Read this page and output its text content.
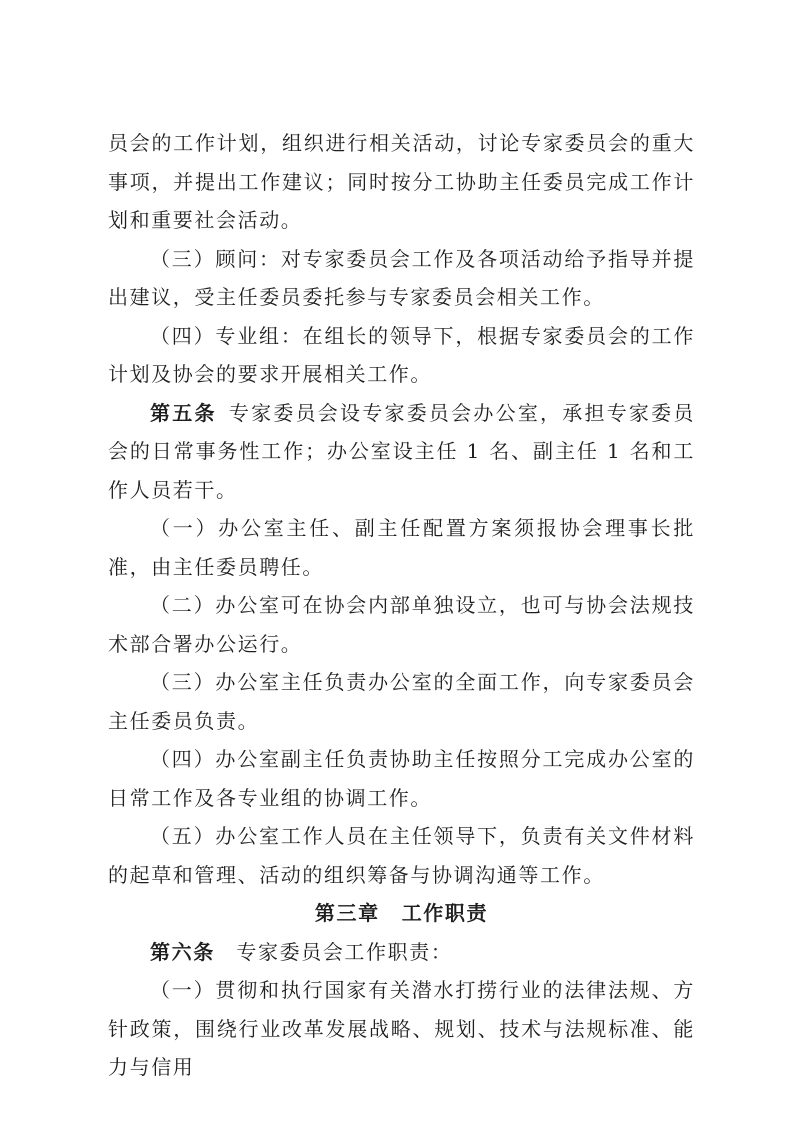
员会的工作计划，组织进行相关活动，讨论专家委员会的重大事项，并提出工作建议；同时按分工协助主任委员完成工作计划和重要社会活动。

（三）顾问：对专家委员会工作及各项活动给予指导并提出建议，受主任委员委托参与专家委员会相关工作。

（四）专业组：在组长的领导下，根据专家委员会的工作计划及协会的要求开展相关工作。

第五条  专家委员会设专家委员会办公室，承担专家委员会的日常事务性工作；办公室设主任 1 名、副主任 1 名和工作人员若干。

（一）办公室主任、副主任配置方案须报协会理事长批准，由主任委员聘任。

（二）办公室可在协会内部单独设立，也可与协会法规技术部合署办公运行。

（三）办公室主任负责办公室的全面工作，向专家委员会主任委员负责。

（四）办公室副主任负责协助主任按照分工完成办公室的日常工作及各专业组的协调工作。

（五）办公室工作人员在主任领导下，负责有关文件材料的起草和管理、活动的组织筹备与协调沟通等工作。

第三章 工作职责

第六条  专家委员会工作职责：

（一）贯彻和执行国家有关潜水打捞行业的法律法规、方针政策，围绕行业改革发展战略、规划、技术与法规标准、能力与信用
